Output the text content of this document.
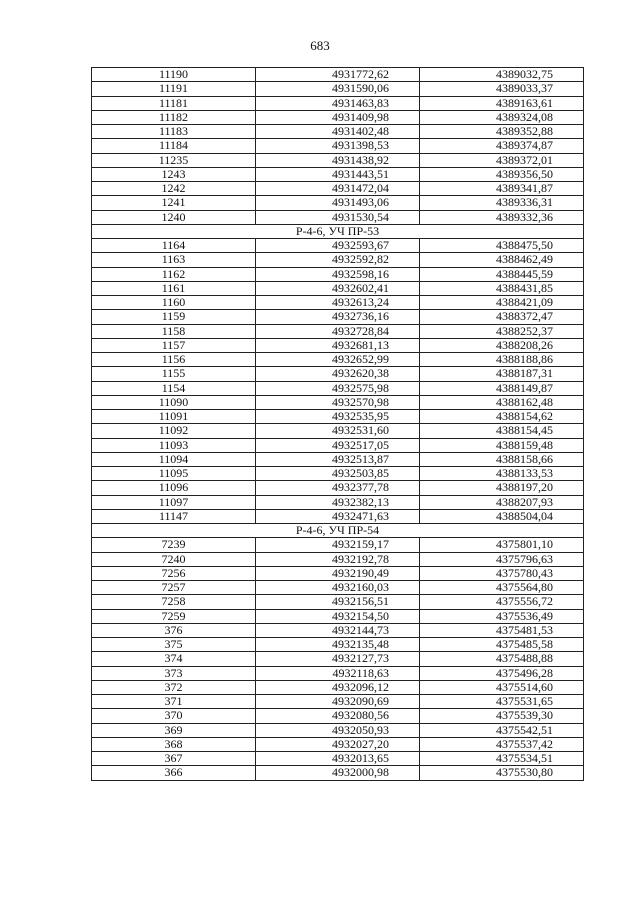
683
11190	4931772,62	4389032,75
11191	4931590,06	4389033,37
11181	4931463,83	4389163,61
11182	4931409,98	4389324,08
11183	4931402,48	4389352,88
11184	4931398,53	4389374,87
11235	4931438,92	4389372,01
1243	4931443,51	4389356,50
1242	4931472,04	4389341,87
1241	4931493,06	4389336,31
1240	4931530,54	4389332,36
Р-4-6, УЧ ПР-53		
1164	4932593,67	4388475,50
1163	4932592,82	4388462,49
1162	4932598,16	4388445,59
1161	4932602,41	4388431,85
1160	4932613,24	4388421,09
1159	4932736,16	4388372,47
1158	4932728,84	4388252,37
1157	4932681,13	4388208,26
1156	4932652,99	4388188,86
1155	4932620,38	4388187,31
1154	4932575,98	4388149,87
11090	4932570,98	4388162,48
11091	4932535,95	4388154,62
11092	4932531,60	4388154,45
11093	4932517,05	4388159,48
11094	4932513,87	4388158,66
11095	4932503,85	4388133,53
11096	4932377,78	4388197,20
11097	4932382,13	4388207,93
11147	4932471,63	4388504,04
Р-4-6, УЧ ПР-54		
7239	4932159,17	4375801,10
7240	4932192,78	4375796,63
7256	4932190,49	4375780,43
7257	4932160,03	4375564,80
7258	4932156,51	4375556,72
7259	4932154,50	4375536,49
376	4932144,73	4375481,53
375	4932135,48	4375485,58
374	4932127,73	4375488,88
373	4932118,63	4375496,28
372	4932096,12	4375514,60
371	4932090,69	4375531,65
370	4932080,56	4375539,30
369	4932050,93	4375542,51
368	4932027,20	4375537,42
367	4932013,65	4375534,51
366	4932000,98	4375530,80
